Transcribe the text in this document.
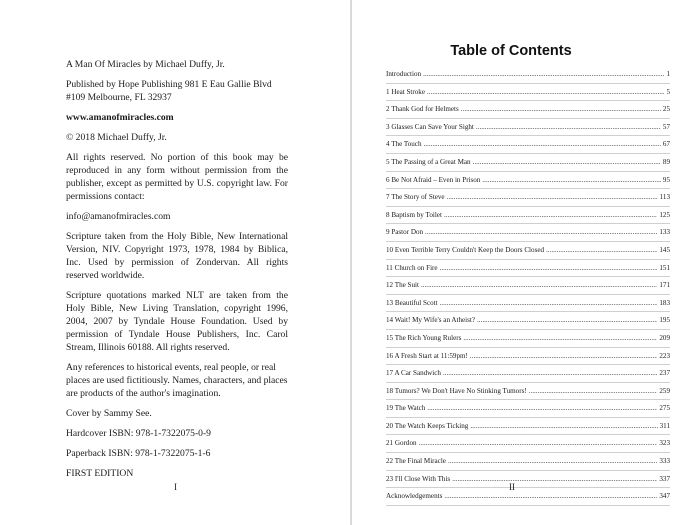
A Man Of Miracles by Michael Duffy, Jr.

Published by Hope Publishing 981 E Eau Gallie Blvd #109 Melbourne, FL 32937

www.amanofmiracles.com

© 2018 Michael Duffy, Jr.

All rights reserved. No portion of this book may be reproduced in any form without permission from the publisher, except as permitted by U.S. copyright law. For permissions contact:

info@amanofmiracles.com

Scripture taken from the Holy Bible, New International Version, NIV. Copyright 1973, 1978, 1984 by Biblica, Inc. Used by permission of Zondervan. All rights reserved worldwide.

Scripture quotations marked NLT are taken from the Holy Bible, New Living Translation, copyright 1996, 2004, 2007 by Tyndale House Foundation. Used by permission of Tyndale House Publishers, Inc. Carol Stream, Illinois 60188. All rights reserved.

Any references to historical events, real people, or real places are used fictitiously. Names, characters, and places are products of the author's imagination.

Cover by Sammy See.

Hardcover ISBN: 978-1-7322075-0-9

Paperback ISBN: 978-1-7322075-1-6

FIRST EDITION

I
Table of Contents
Introduction .....	1
1 Heat Stroke .....	5
2 Thank God for Helmets .....	25
3 Glasses Can Save Your Sight .....	57
4 The Touch .....	67
5 The Passing of a Great Man .....	89
6 Be Not Afraid – Even in Prison .....	95
7 The Story of Steve .....	113
8 Baptism by Toilet .....	125
9 Pastor Don .....	133
10 Even Terrible Terry Couldn't Keep the Doors Closed .....	145
11 Church on Fire .....	151
12 The Suit .....	171
13 Beautiful Scott .....	183
14 Wait! My Wife's an Atheist? .....	195
15 The Rich Young Rulers .....	209
16 A Fresh Start at 11:59pm! .....	223
17 A Car Sandwich .....	237
18 Tumors? We Don't Have No Stinking Tumors! .....	259
19 The Watch .....	275
20 The Watch Keeps Ticking .....	311
21 Gordon .....	323
22 The Final Miracle .....	333
23 I'll Close With This .....	337
Acknowledgements .....	347
II
